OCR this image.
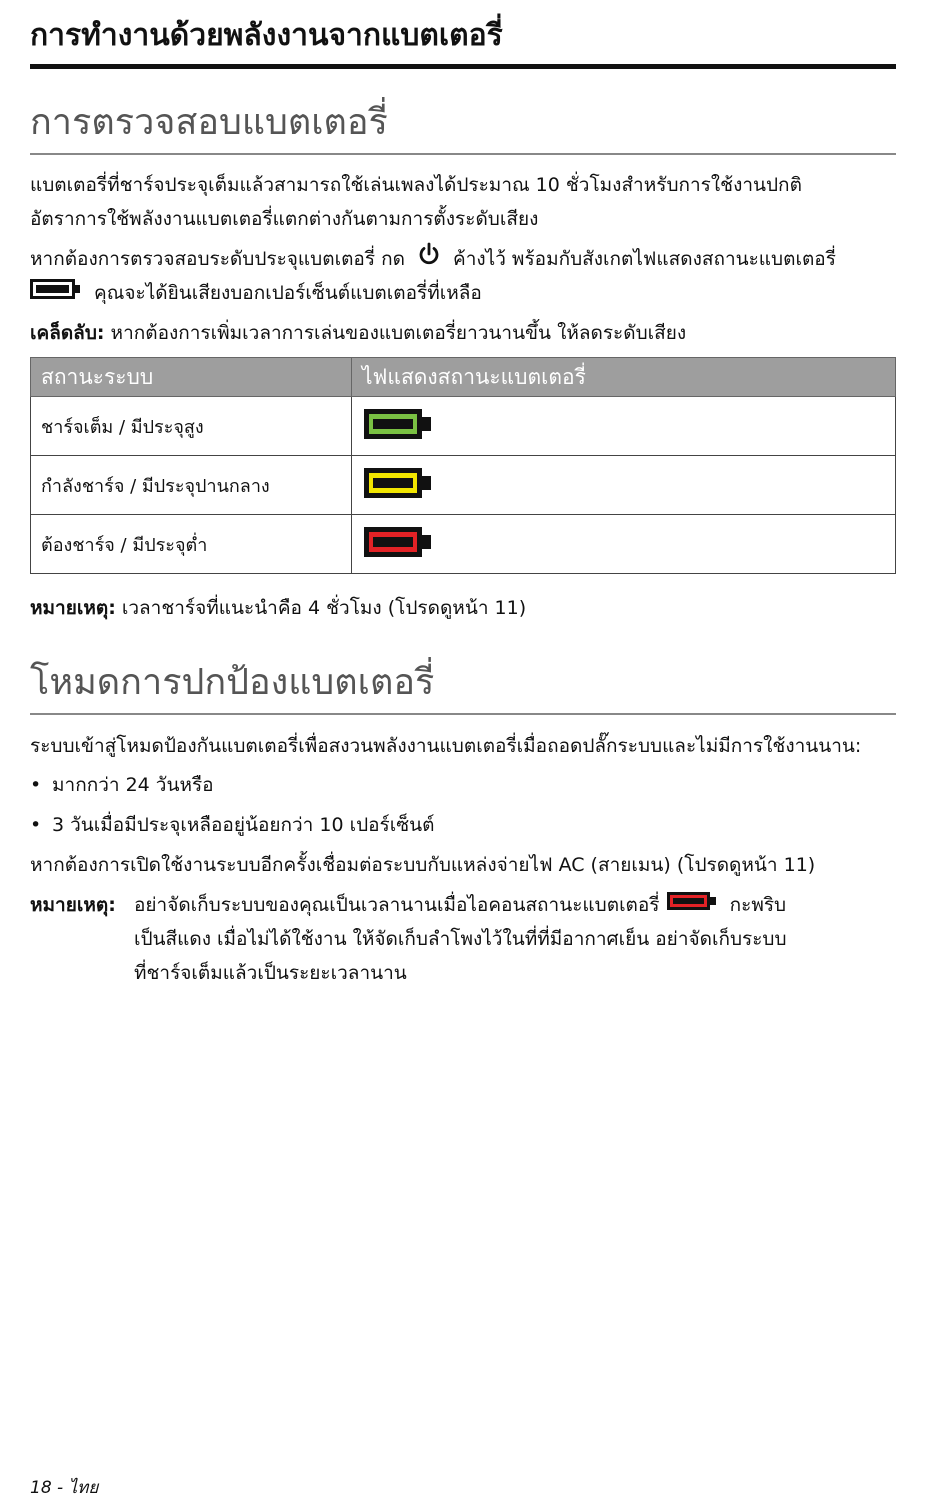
การทำงานด้วยพลังงานจากแบตเตอรี่
การตรวจสอบแบตเตอรี่
แบตเตอรี่ที่ชาร์จประจุเต็มแล้วสามารถใช้เล่นเพลงได้ประมาณ 10 ชั่วโมงสำหรับการใช้งานปกติ
อัตราการใช้พลังงานแบตเตอรี่แตกต่างกันตามการตั้งระดับเสียง
หากต้องการตรวจสอบระดับประจุแบตเตอรี่ กด	ค้างไว้ พร้อมกับสังเกตไฟแสดงสถานะแบตเตอรี่
คุณจะได้ยินเสียงบอกเปอร์เซ็นต์แบตเตอรี่ที่เหลือ
เคล็ดลับ: หากต้องการเพิ่มเวลาการเล่นของแบตเตอรี่ยาวนานขึ้น ให้ลดระดับเสียง
สถานะระบบ	ไฟแสดงสถานะแบตเตอรี่
ชาร์จเต็ม / มีประจุสูง	
กำลังชาร์จ / มีประจุปานกลาง	
ต้องชาร์จ / มีประจุต่ำ	
หมายเหตุ: เวลาชาร์จที่แนะนำคือ 4 ชั่วโมง (โปรดดูหน้า 11)
โหมดการปกป้องแบตเตอรี่
ระบบเข้าสู่โหมดป้องกันแบตเตอรี่เพื่อสงวนพลังงานแบตเตอรี่เมื่อถอดปลั๊กระบบและไม่มีการใช้งานนาน:
• มากกว่า 24 วันหรือ
• 3 วันเมื่อมีประจุเหลืออยู่น้อยกว่า 10 เปอร์เซ็นต์
หากต้องการเปิดใช้งานระบบอีกครั้งเชื่อมต่อระบบกับแหล่งจ่ายไฟ AC (สายเมน) (โปรดดูหน้า 11)
หมายเหตุ: อย่าจัดเก็บระบบของคุณเป็นเวลานานเมื่อไอคอนสถานะแบตเตอรี่	กะพริบ
เป็นสีแดง เมื่อไม่ได้ใช้งาน ให้จัดเก็บลำโพงไว้ในที่ที่มีอากาศเย็น อย่าจัดเก็บระบบ
ที่ชาร์จเต็มแล้วเป็นระยะเวลานาน
18 - ไทย
